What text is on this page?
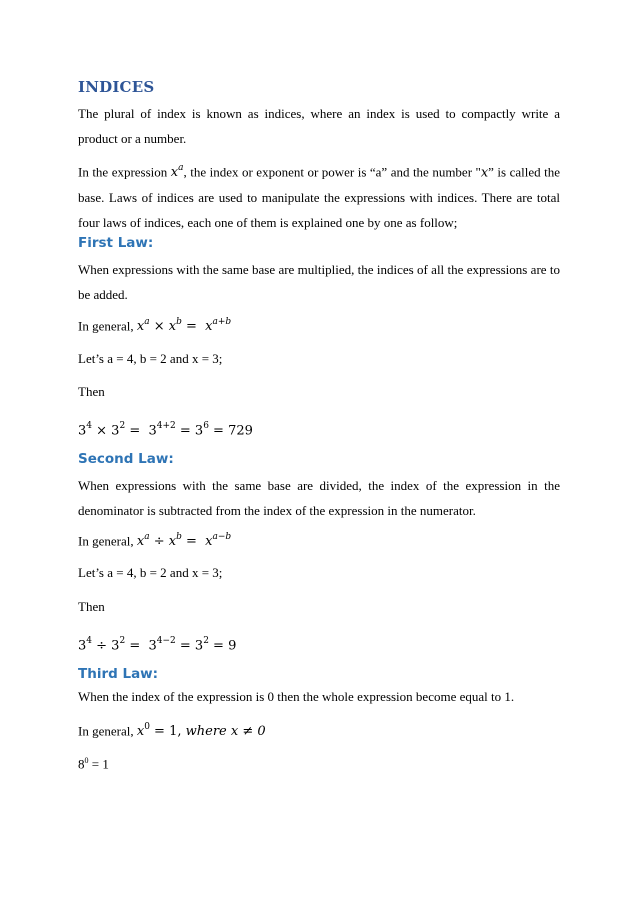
INDICES
The plural of index is known as indices, where an index is used to compactly write a product or a number.
In the expression $x^a$, the index or exponent or power is “a” and the number "x” is called the base. Laws of indices are used to manipulate the expressions with indices. There are total four laws of indices, each one of them is explained one by one as follow;
First Law:
When expressions with the same base are multiplied, the indices of all the expressions are to be added.
In general, $x^a \times x^b = x^{a+b}$
Let’s a = 4, b = 2 and x = 3;
Then
$3^4 \times 3^2 = 3^{4+2} = 3^6 = 729$
Second Law:
When expressions with the same base are divided, the index of the expression in the denominator is subtracted from the index of the expression in the numerator.
In general, $x^a \div x^b = x^{a-b}$
Let’s a = 4, b = 2 and x = 3;
Then
$3^4 \div 3^2 = 3^{4-2} = 3^2 = 9$
Third Law:
When the index of the expression is 0 then the whole expression become equal to 1.
In general, $x^0 = 1$, where x ≠ 0
$8^0 = 1$
